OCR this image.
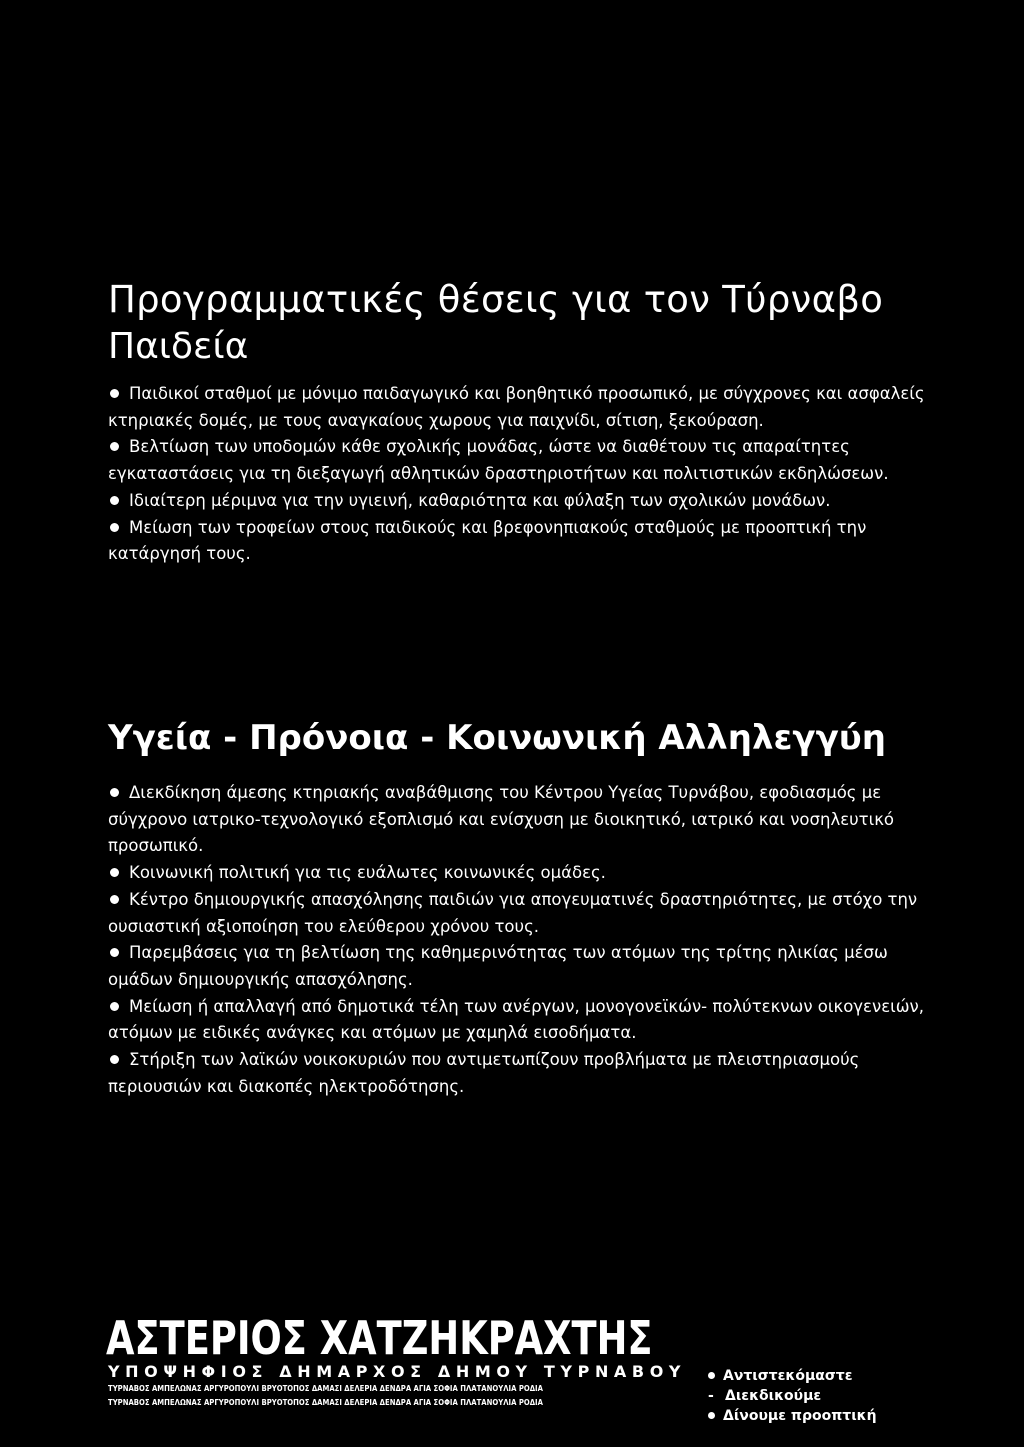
Προγραμματικές θέσεις για τον Τύρναβο
Παιδεία
Παιδικοί σταθμοί με μόνιμο παιδαγωγικό και βοηθητικό προσωπικό, με σύγχρονες και ασφαλείς κτηριακές δομές, με τους αναγκαίους χωρους για παιχνίδι, σίτιση, ξεκούραση.
Βελτίωση των υποδομών κάθε σχολικής μονάδας, ώστε να διαθέτουν τις απαραίτητες εγκαταστάσεις για τη διεξαγωγή αθλητικών δραστηριοτήτων και πολιτιστικών εκδηλώσεων.
Ιδιαίτερη μέριμνα για την υγιεινή, καθαριότητα και φύλαξη των σχολικών μονάδων.
Μείωση των τροφείων στους παιδικούς και βρεφονηπιακούς σταθμούς με προοπτική την κατάργησή τους.
Υγεία - Πρόνοια - Κοινωνική Αλληλεγγύη
Διεκδίκηση άμεσης κτηριακής αναβάθμισης του Κέντρου Υγείας Τυρνάβου, εφοδιασμός με σύγχρονο ιατρικο-τεχνολογικό εξοπλισμό και ενίσχυση με διοικητικό, ιατρικό και νοσηλευτικό προσωπικό.
Κοινωνική πολιτική για τις ευάλωτες κοινωνικές ομάδες.
Κέντρο δημιουργικής απασχόλησης παιδιών για απογευματινές δραστηριότητες, με στόχο την ουσιαστική αξιοποίηση του ελεύθερου χρόνου τους.
Παρεμβάσεις για τη βελτίωση της καθημερινότητας των ατόμων της τρίτης ηλικίας μέσω ομάδων δημιουργικής απασχόλησης.
Μείωση ή απαλλαγή από δημοτικά τέλη των ανέργων, μονογονεϊκών- πολύτεκνων οικογενειών, ατόμων με ειδικές ανάγκες και ατόμων με χαμηλά εισοδήματα.
Στήριξη των λαϊκών νοικοκυριών που αντιμετωπίζουν προβλήματα με πλειστηριασμούς περιουσιών και διακοπές ηλεκτροδότησης.

ΑΣΤΕΡΙΟΣ ΧΑΤΖΗΚΡΑΧΤΗΣ

ΥΠΟΨΗΦΙΟΣ ΔΗΜΑΡΧΟΣ ΔΗΜΟΥ ΤΥΡΝΑΒΟΥ

ΤΥΡΝΑΒΟΣ ΑΜΠΕΛΩΝΑΣ ΑΡΓΥΡΟΠΟΥΛΙ ΒΡΥΟΤΟΠΟΣ ΔΑΜΑΣΙ ΔΕΛΕΡΙΑ ΔΕΝΔΡΑ ΑΓΙΑ ΣΟΦΙΑ ΠΛΑΤΑΝΟΥΛΙΑ ΡΟΔΙΑ

ΤΥΡΝΑΒΟΣ ΑΜΠΕΛΩΝΑΣ ΑΡΓΥΡΟΠΟΥΛΙ ΒΡΥΟΤΟΠΟΣ ΔΑΜΑΣΙ ΔΕΛΕΡΙΑ ΔΕΝΔΡΑ ΑΓΙΑ ΣΟΦΙΑ ΠΛΑΤΑΝΟΥΛΙΑ ΡΟΔΙΑ

Αντιστεκόμαστε
- Διεκδικούμε
Δίνουμε προοπτική
